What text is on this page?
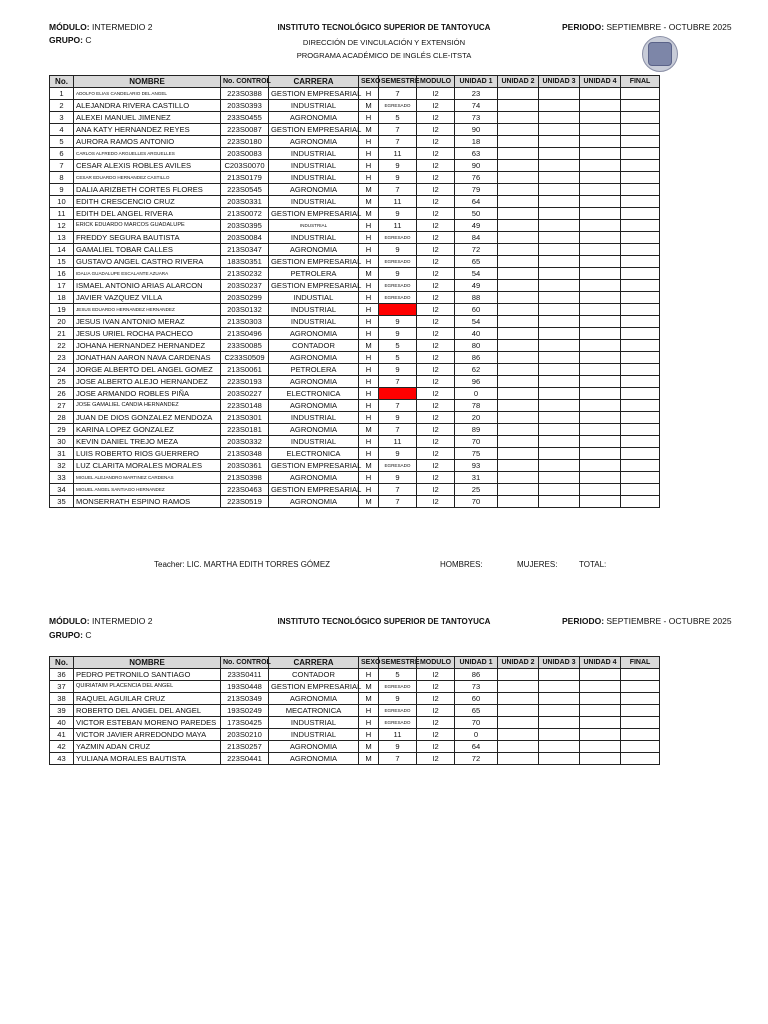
MÓDULO: INTERMEDIO 2
GRUPO: C
INSTITUTO TECNOLÓGICO SUPERIOR DE TANTOYUCA
DIRECCIÓN DE VINCULACIÓN Y EXTENSIÓN
PROGRAMA ACADÉMICO DE INGLÉS CLE-ITSTA
PERIODO: SEPTIEMBRE - OCTUBRE 2025
No.	NOMBRE	No. CONTROL	CARRERA	SEXO	SEMESTRE	MODULO	UNIDAD 1	UNIDAD 2	UNIDAD 3	UNIDAD 4	FINAL
1	ADOLFO ELIAS CANDELARIO DEL ANGEL	223S0388	GESTION EMPRESARIAL	H	7	I2	23				
2	ALEJANDRA RIVERA CASTILLO	203S0393	INDUSTRIAL	M	EGRESADO	I2	74				
3	ALEXEI MANUEL JIMENEZ	233S0455	AGRONOMIA	H	5	I2	73				
4	ANA KATY HERNANDEZ REYES	223S0087	GESTION EMPRESARIAL	M	7	I2	90				
5	AURORA RAMOS ANTONIO	223S0180	AGRONOMIA	H	7	I2	18				
6	CARLOS ALFREDO ARGUELLES ARGUELLES	203S0083	INDUSTRIAL	H	11	I2	63				
7	CESAR ALEXIS ROBLES AVILES	C203S0070	INDUSTRIAL	H	9	I2	90				
8	CESAR EDUARDO HERNANDEZ CASTILLO	213S0179	INDUSTRIAL	H	9	I2	76				
9	DALIA ARIZBETH CORTES FLORES	223S0545	AGRONOMIA	M	7	I2	79				
10	EDITH CRESCENCIO CRUZ	203S0331	INDUSTRIAL	M	11	I2	64				
11	EDITH DEL ANGEL RIVERA	213S0072	GESTION EMPRESARIAL	M	9	I2	50				
12	ERICK EDUARDO MARCOS GUADALUPE	203S0395	INDUSTRIAL	H	11	I2	49				
13	FREDDY SEGURA BAUTISTA	203S0084	INDUSTRIAL	H	EGRESADO	I2	84				
14	GAMALIEL TOBAR CALLES	213S0347	AGRONOMIA	H	9	I2	72				
15	GUSTAVO ANGEL CASTRO RIVERA	183S0351	GESTION EMPRESARIAL	H	EGRESADO	I2	65				
16	IDALIA GUADALUPE ESCALANTE AZUARA	213S0232	PETROLERA	M	9	I2	54				
17	ISMAEL ANTONIO ARIAS ALARCON	203S0237	GESTION EMPRESARIAL	H	EGRESADO	I2	49				
18	JAVIER VAZQUEZ VILLA	203S0299	INDUSTIAL	H	EGRESADO	I2	88				
19	JESUS EDUARDO HERNANDEZ HERNANDEZ	203S0132	INDUSTRIAL	H		I2	60				
20	JESUS IVAN ANTONIO MERAZ	213S0303	INDUSTRIAL	H	9	I2	54				
21	JESUS URIEL ROCHA PACHECO	213S0496	AGRONOMIA	H	9	I2	40				
22	JOHANA HERNANDEZ HERNANDEZ	233S0085	CONTADOR	M	5	I2	80				
23	JONATHAN AARON NAVA CARDENAS	C233S0509	AGRONOMIA	H	5	I2	86				
24	JORGE ALBERTO DEL ANGEL GOMEZ	213S0061	PETROLERA	H	9	I2	62				
25	JOSE ALBERTO ALEJO HERNANDEZ	223S0193	AGRONOMIA	H	7	I2	96				
26	JOSE ARMANDO ROBLES PIÑA	203S0227	ELECTRONICA	H		I2	0				
27	JOSE GAMALIEL CANDIA HERNANDEZ	223S0148	AGRONOMIA	H	7	I2	78				
28	JUAN DE DIOS GONZALEZ MENDOZA	213S0301	INDUSTRIAL	H	9	I2	20				
29	KARINA LOPEZ GONZALEZ	223S0181	AGRONOMIA	M	7	I2	89				
30	KEVIN DANIEL TREJO MEZA	203S0332	INDUSTRIAL	H	11	I2	70				
31	LUIS ROBERTO RIOS GUERRERO	213S0348	ELECTRONICA	H	9	I2	75				
32	LUZ CLARITA MORALES MORALES	203S0361	GESTION EMPRESARIAL	M	EGRESADO	I2	93				
33	MIGUEL ALEJANDRO MARTINEZ CARDENAS	213S0398	AGRONOMIA	H	9	I2	31				
34	MIGUEL ANGEL SANTIAGO HERNANDEZ	223S0463	GESTION EMPRESARIAL	H	7	I2	25				
35	MONSERRATH ESPINO RAMOS	223S0519	AGRONOMIA	M	7	I2	70				
Teacher: LIC. MARTHA EDITH TORRES GÓMEZ	HOMBRES:	MUJERES:	TOTAL:
MÓDULO: INTERMEDIO 2
GRUPO: C
INSTITUTO TECNOLÓGICO SUPERIOR DE TANTOYUCA	PERIODO: SEPTIEMBRE - OCTUBRE 2025
No.	NOMBRE	No. CONTROL	CARRERA	SEXO	SEMESTRE	MODULO	UNIDAD 1	UNIDAD 2	UNIDAD 3	UNIDAD 4	FINAL
36	PEDRO PETRONILO SANTIAGO	233S0411	CONTADOR	H	5	I2	86				
37	QUIRIATAIM PLACENCIA DEL ANGEL	193S0448	GESTION EMPRESARIAL	M	EGRESADO	I2	73				
38	RAQUEL AGUILAR CRUZ	213S0349	AGRONOMIA	M	9	I2	60				
39	ROBERTO DEL ANGEL DEL ANGEL	193S0249	MECATRONICA	H	EGRESADO	I2	65				
40	VICTOR ESTEBAN MORENO PAREDES	173S0425	INDUSTRIAL	H	EGRESADO	I2	70				
41	VICTOR JAVIER ARREDONDO MAYA	203S0210	INDUSTRIAL	H	11	I2	0				
42	YAZMIN ADAN CRUZ	213S0257	AGRONOMIA	M	9	I2	64				
43	YULIANA MORALES BAUTISTA	223S0441	AGRONOMIA	M	7	I2	72				
